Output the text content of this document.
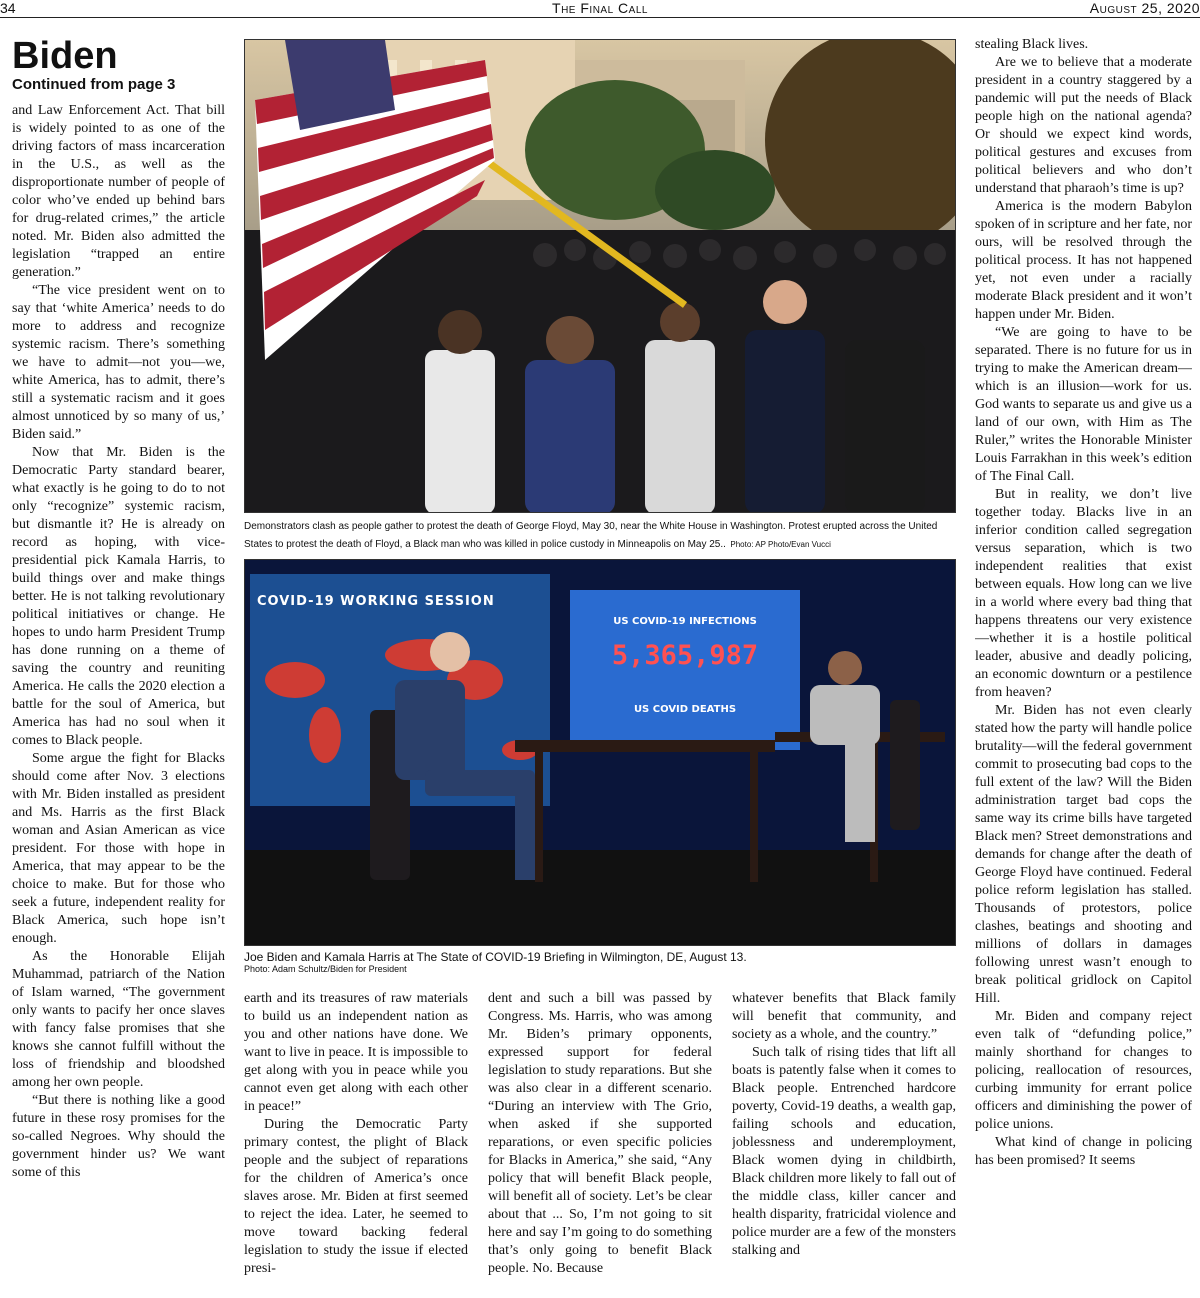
34	The Final Call	August 25, 2020
Biden
Continued from page 3

and Law Enforcement Act. That bill is widely pointed to as one of the driving factors of mass incarceration in the U.S., as well as the disproportionate number of people of color who’ve ended up behind bars for drug-related crimes,” the article noted. Mr. Biden also admitted the legislation “trapped an entire generation.”

“The vice president went on to say that ‘white America’ needs to do more to address and recognize systemic racism. There’s something we have to admit—not you—we, white America, has to admit, there’s still a systematic racism and it goes almost unnoticed by so many of us,’ Biden said.”

Now that Mr. Biden is the Democratic Party standard bearer, what exactly is he going to do to not only “recognize” systemic racism, but dismantle it? He is already on record as hoping, with vice-presidential pick Kamala Harris, to build things over and make things better. He is not talking revolutionary political initiatives or change. He hopes to undo harm President Trump has done running on a theme of saving the country and reuniting America. He calls the 2020 election a battle for the soul of America, but America has had no soul when it comes to Black people.

Some argue the fight for Blacks should come after Nov. 3 elections with Mr. Biden installed as president and Ms. Harris as the first Black woman and Asian American as vice president. For those with hope in America, that may appear to be the choice to make. But for those who seek a future, independent reality for Black America, such hope isn’t enough.

As the Honorable Elijah Muhammad, patriarch of the Nation of Islam warned, “The government only wants to pacify her once slaves with fancy false promises that she knows she cannot fulfill without the loss of friendship and bloodshed among her own people.

“But there is nothing like a good future in these rosy promises for the so-called Negroes. Why should the government hinder us? We want some of this

Demonstrators clash as people gather to protest the death of George Floyd, May 30, near the White House in Washington. Protest erupted across the United States to protest the death of Floyd, a Black man who was killed in police custody in Minneapolis on May 25.. Photo: AP Photo/Evan Vucci
COVID-19 WORKING SESSION
US COVID-19 INFECTIONS
5,365,987
US COVID DEATHS
Joe Biden and Kamala Harris at The State of COVID-19 Briefing in Wilmington, DE, August 13.
Photo: Adam Schultz/Biden for President

earth and its treasures of raw materials to build us an independent nation as you and other nations have done. We want to live in peace. It is impossible to get along with you in peace while you cannot even get along with each other in peace!”

During the Democratic Party primary contest, the plight of Black people and the subject of reparations for the children of America’s once slaves arose. Mr. Biden at first seemed to reject the idea. Later, he seemed to move toward backing federal legislation to study the issue if elected presi-

dent and such a bill was passed by Congress. Ms. Harris, who was among Mr. Biden’s primary opponents, expressed support for federal legislation to study reparations. But she was also clear in a different scenario. “During an interview with The Grio, when asked if she supported reparations, or even specific policies for Blacks in America,” she said, “Any policy that will benefit Black people, will benefit all of society. Let’s be clear about that ... So, I’m not going to sit here and say I’m going to do something that’s only going to benefit Black people. No. Because

whatever benefits that Black family will benefit that community, and society as a whole, and the country.”

Such talk of rising tides that lift all boats is patently false when it comes to Black people. Entrenched hardcore poverty, Covid-19 deaths, a wealth gap, failing schools and education, joblessness and underemployment, Black women dying in childbirth, Black children more likely to fall out of the middle class, killer cancer and health disparity, fratricidal violence and police murder are a few of the monsters stalking and

stealing Black lives.

Are we to believe that a moderate president in a country staggered by a pandemic will put the needs of Black people high on the national agenda? Or should we expect kind words, political gestures and excuses from political believers and who don’t understand that pharaoh’s time is up?

America is the modern Babylon spoken of in scripture and her fate, nor ours, will be resolved through the political process. It has not happened yet, not even under a racially moderate Black president and it won’t happen under Mr. Biden.

“We are going to have to be separated. There is no future for us in trying to make the American dream—which is an illusion—work for us. God wants to separate us and give us a land of our own, with Him as The Ruler,” writes the Honorable Minister Louis Farrakhan in this week’s edition of The Final Call.

But in reality, we don’t live together today. Blacks live in an inferior condition called segregation versus separation, which is two independent realities that exist between equals. How long can we live in a world where every bad thing that happens threatens our very existence—whether it is a hostile political leader, abusive and deadly policing, an economic downturn or a pestilence from heaven?

Mr. Biden has not even clearly stated how the party will handle police brutality—will the federal government commit to prosecuting bad cops to the full extent of the law? Will the Biden administration target bad cops the same way its crime bills have targeted Black men? Street demonstrations and demands for change after the death of George Floyd have continued. Federal police reform legislation has stalled. Thousands of protestors, police clashes, beatings and shooting and millions of dollars in damages following unrest wasn’t enough to break political gridlock on Capitol Hill.

Mr. Biden and company reject even talk of “defunding police,” mainly shorthand for changes to policing, reallocation of resources, curbing immunity for errant police officers and diminishing the power of police unions.

What kind of change in policing has been promised? It seems
